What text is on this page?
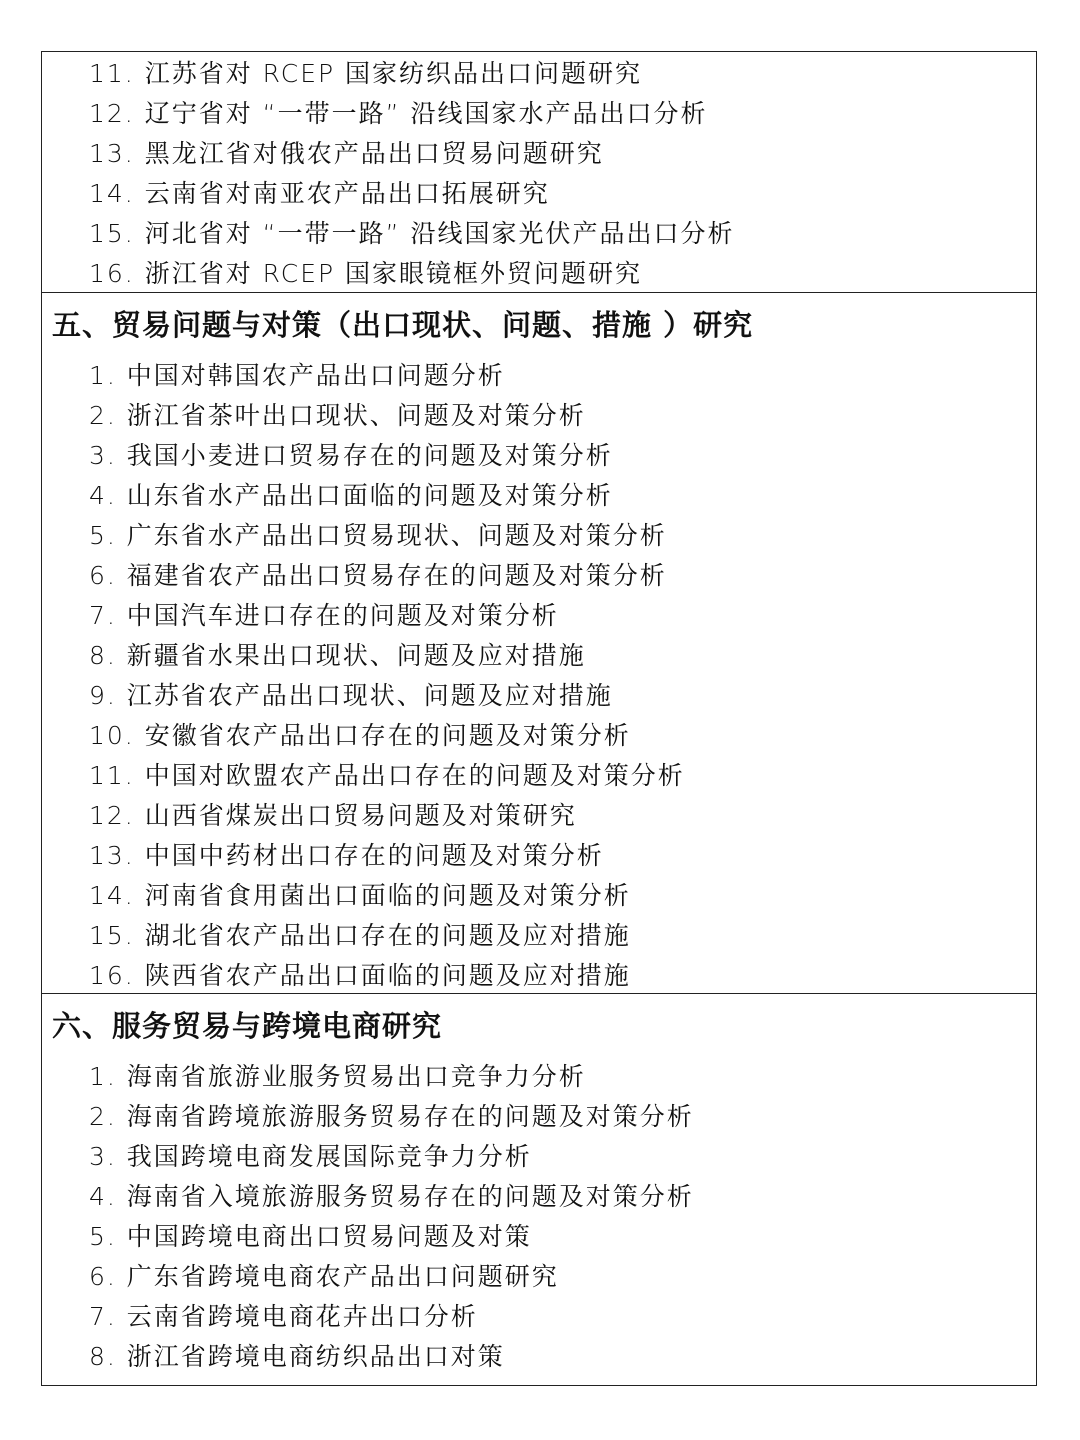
11. 江苏省对 RCEP 国家纺织品出口问题研究
12. 辽宁省对 “一带一路” 沿线国家水产品出口分析
13. 黑龙江省对俄农产品出口贸易问题研究
14. 云南省对南亚农产品出口拓展研究
15. 河北省对 “一带一路” 沿线国家光伏产品出口分析
16. 浙江省对 RCEP 国家眼镜框外贸问题研究
五、贸易问题与对策（出口现状、问题、措施 ）研究
1. 中国对韩国农产品出口问题分析
2. 浙江省茶叶出口现状、问题及对策分析
3. 我国小麦进口贸易存在的问题及对策分析
4. 山东省水产品出口面临的问题及对策分析
5. 广东省水产品出口贸易现状、问题及对策分析
6. 福建省农产品出口贸易存在的问题及对策分析
7. 中国汽车进口存在的问题及对策分析
8. 新疆省水果出口现状、问题及应对措施
9. 江苏省农产品出口现状、问题及应对措施
10. 安徽省农产品出口存在的问题及对策分析
11. 中国对欧盟农产品出口存在的问题及对策分析
12. 山西省煤炭出口贸易问题及对策研究
13. 中国中药材出口存在的问题及对策分析
14. 河南省食用菌出口面临的问题及对策分析
15. 湖北省农产品出口存在的问题及应对措施
16. 陕西省农产品出口面临的问题及应对措施
六、服务贸易与跨境电商研究
1. 海南省旅游业服务贸易出口竞争力分析
2. 海南省跨境旅游服务贸易存在的问题及对策分析
3. 我国跨境电商发展国际竞争力分析
4. 海南省入境旅游服务贸易存在的问题及对策分析
5. 中国跨境电商出口贸易问题及对策
6. 广东省跨境电商农产品出口问题研究
7. 云南省跨境电商花卉出口分析
8. 浙江省跨境电商纺织品出口对策
